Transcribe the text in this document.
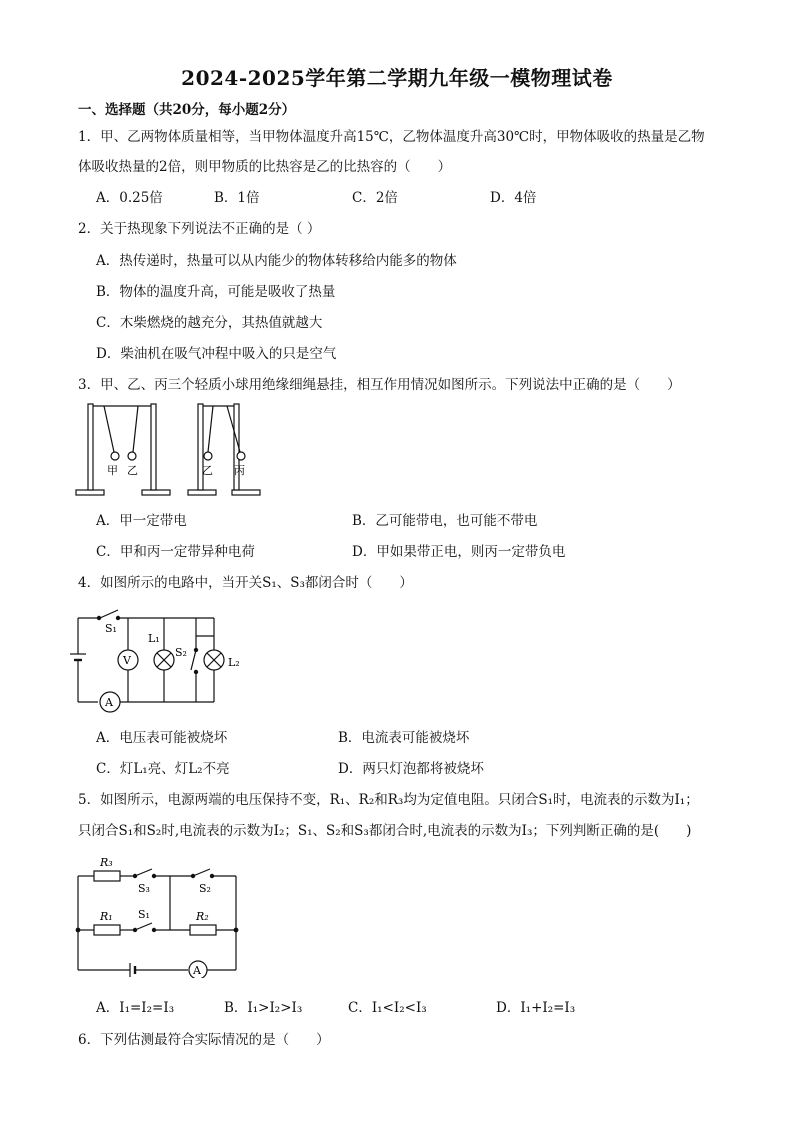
2024-2025学年第二学期九年级一模物理试卷
一、选择题（共20分，每小题2分）
1．甲、乙两物体质量相等，当甲物体温度升高15℃，乙物体温度升高30℃时，甲物体吸收的热量是乙物
体吸收热量的2倍，则甲物质的比热容是乙的比热容的（　　）
A．0.25倍	B．1倍	C．2倍	D．4倍
2．关于热现象下列说法不正确的是（ ）
A．热传递时，热量可以从内能少的物体转移给内能多的物体
B．物体的温度升高，可能是吸收了热量
C．木柴燃烧的越充分，其热值就越大
D．柴油机在吸气冲程中吸入的只是空气
3．甲、乙、丙三个轻质小球用绝缘细绳悬挂，相互作用情况如图所示。下列说法中正确的是（　　）
甲 乙	乙 丙
A．甲一定带电	B．乙可能带电，也可能不带电
C．甲和丙一定带异种电荷	D．甲如果带正电，则丙一定带负电
4．如图所示的电路中，当开关S₁、S₃都闭合时（　　）
S₁
V
A
L₁
S₂
L₂
A．电压表可能被烧坏	B．电流表可能被烧坏
C．灯L₁亮、灯L₂不亮	D．两只灯泡都将被烧坏
5．如图所示，电源两端的电压保持不变，R₁、R₂和R₃均为定值电阻。只闭合S₁时，电流表的示数为I₁；
只闭合S₁和S₂时,电流表的示数为I₂；S₁、S₂和S₃都闭合时,电流表的示数为I₃；下列判断正确的是(　　)
R₃
S₃	S₂
R₁ S₁	R₂
A
A．I₁=I₂=I₃	B．I₁>I₂>I₃	C．I₁<I₂<I₃	D．I₁+I₂=I₃
6．下列估测最符合实际情况的是（　　）
